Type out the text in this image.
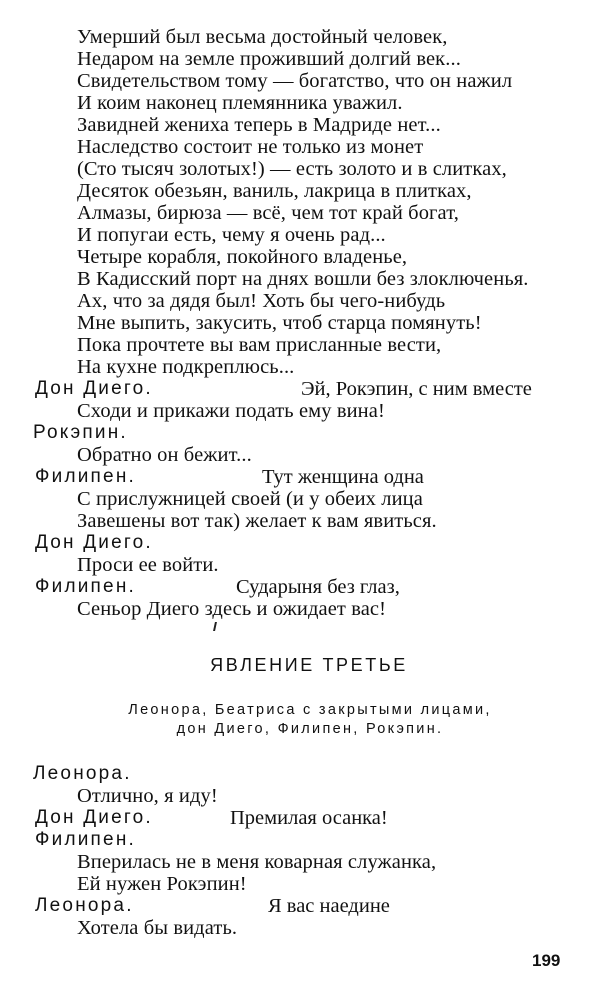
Умерший был весьма достойный человек,
Недаром на земле проживший долгий век...
Свидетельством тому — богатство, что он нажил
И коим наконец племянника уважил.
Завидней жениха теперь в Мадриде нет...
Наследство состоит не только из монет
(Сто тысяч золотых!) — есть золото и в слитках,
Десяток обезьян, ваниль, лакрица в плитках,
Алмазы, бирюза — всё, чем тот край богат,
И попугаи есть, чему я очень рад...
Четыре корабля, покойного владенье,
В Кадисский порт на днях вошли без злоключенья.
Ах, что за дядя был! Хоть бы чего-нибудь
Мне выпить, закусить, чтоб старца помянуть!
Пока прочтете вы вам присланные вести,
На кухне подкреплюсь...
Дон Диего.	Эй, Рокэпин, с ним вместе
Сходи и прикажи подать ему вина!
Рокэпин.
Обратно он бежит...
Филипен.	Тут женщина одна
С прислужницей своей (и у обеих лица
Завешены вот так) желает к вам явиться.
Дон Диего.
Проси ее войти.
Филипен.	Сударыня без глаз,
Сеньор Диего здесь и ожидает вас!
ЯВЛЕНИЕ ТРЕТЬЕ
Леонора, Беатриса с закрытыми лицами,
дон Диего, Филипен, Рокэпин.
Леонора.
Отлично, я иду!
Дон Диего.	Премилая осанка!
Филипен.
Вперилась не в меня коварная служанка,
Ей нужен Рокэпин!
Леонора.	Я вас наедине
Хотела бы видать.
199
